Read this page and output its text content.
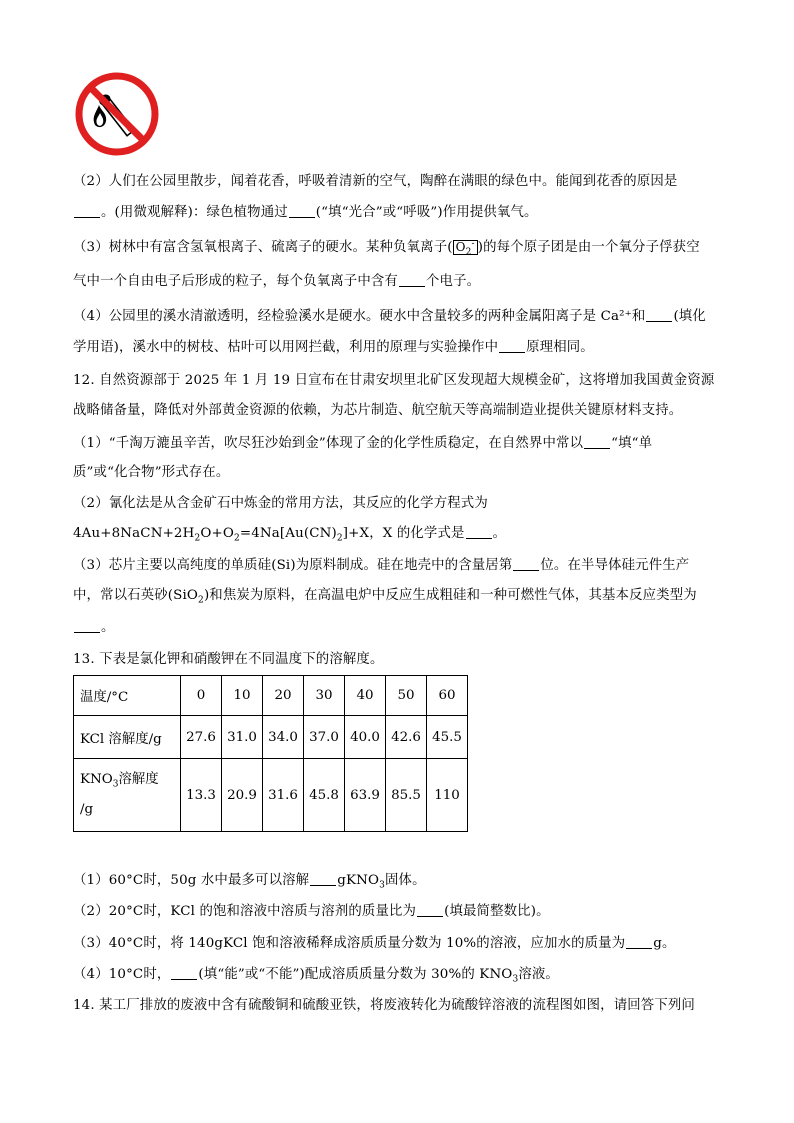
（2）人们在公园里散步，闻着花香，呼吸着清新的空气，陶醉在满眼的绿色中。能闻到花香的原因是
。(用微观解释)：绿色植物通过 (“填“光合”或“呼吸”)作用提供氧气。
（3）树林中有富含氢氧根离子、硫离子的硬水。某种负氧离子( $O_2^-$ )的每个原子团是由一个氧分子俘获空
气中一个自由电子后形成的粒子，每个负氧离子中含有 个电子。
（4）公园里的溪水清澈透明，经检验溪水是硬水。硬水中含量较多的两种金属阳离子是 Ca²⁺和 (填化
学用语)，溪水中的树枝、枯叶可以用网拦截，利用的原理与实验操作中 原理相同。
12. 自然资源部于 2025 年 1 月 19 日宣布在甘肃安坝里北矿区发现超大规模金矿，这将增加我国黄金资源
战略储备量，降低对外部黄金资源的依赖，为芯片制造、航空航天等高端制造业提供关键原材料支持。
（1）“千淘万漉虽辛苦，吹尽狂沙始到金”体现了金的化学性质稳定，在自然界中常以 “填“单
质”或“化合物”形式存在。
（2）氰化法是从含金矿石中炼金的常用方法，其反应的化学方程式为
$4Au+8NaCN+2H_2O+O_2=4Na[Au(CN)_2]+X$，X 的化学式是 。
（3）芯片主要以高纯度的单质硅(Si)为原料制成。硅在地壳中的含量居第 位。在半导体硅元件生产
中，常以石英砂(SiO$_2$)和焦炭为原料，在高温电炉中反应生成粗硅和一种可燃性气体，其基本反应类型为
。
13. 下表是氯化钾和硝酸钾在不同温度下的溶解度。
温度/°C	0	10	20	30	40	50	60
KCl 溶解度/g	27.6	31.0	34.0	37.0	40.0	42.6	45.5
$KNO_3$溶解度
/g	13.3	20.9	31.6	45.8	63.9	85.5	110
（1）60°C时，50g 水中最多可以溶解 gKNO$_3$固体。
（2）20°C时，KCl 的饱和溶液中溶质与溶剂的质量比为 (填最简整数比)。
（3）40°C时，将 140gKCl 饱和溶液稀释成溶质质量分数为 10%的溶液，应加水的质量为 g。
（4）10°C时， (填“能”或“不能”)配成溶质质量分数为 30%的 $KNO_3$溶液。
14. 某工厂排放的废液中含有硫酸铜和硫酸亚铁，将废液转化为硫酸锌溶液的流程图如图，请回答下列问
